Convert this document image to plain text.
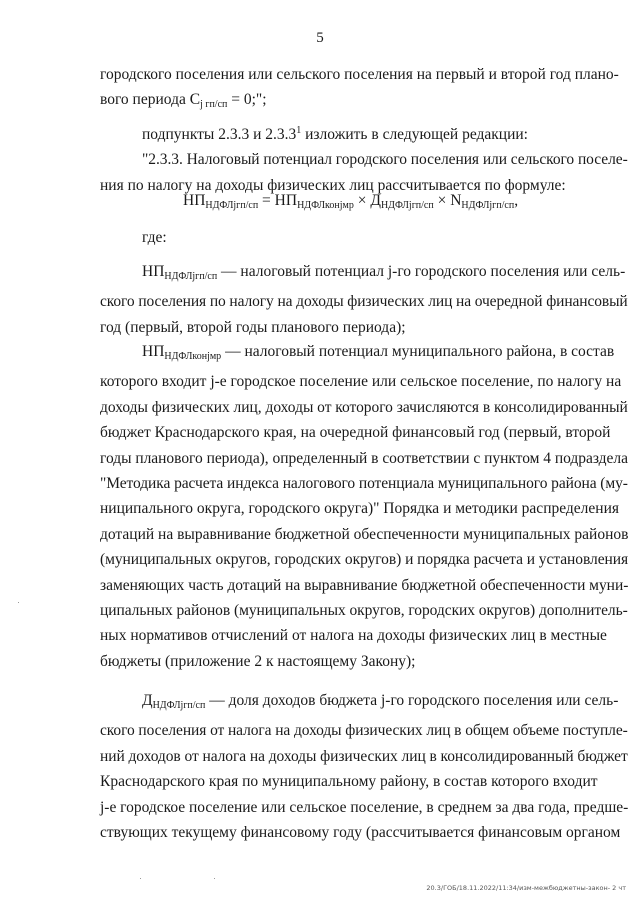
5
городского поселения или сельского поселения на первый и второй год плано-
вого периода $С_{j гп/сп} = 0$;";
подпункты 2.3.3 и 2.3.3$^1$ изложить в следующей редакции:
"2.3.3. Налоговый потенциал городского поселения или сельского поселе-
ния по налогу на доходы физических лиц рассчитывается по формуле:
$НП_{НДФЛjгп/сп} = НП_{НДФЛконjмр} \times Д_{НДФЛjгп/сп} \times N_{НДФЛjгп/сп}$,
где:
$НП_{НДФЛjгп/сп}$ — налоговый потенциал j-го городского поселения или сель-
ского поселения по налогу на доходы физических лиц на очередной финансовый
год (первый, второй годы планового периода);
$НП_{НДФЛконjмр}$ — налоговый потенциал муниципального района, в состав
которого входит j-е городское поселение или сельское поселение, по налогу на
доходы физических лиц, доходы от которого зачисляются в консолидированный
бюджет Краснодарского края, на очередной финансовый год (первый, второй
годы планового периода), определенный в соответствии с пунктом 4 подраздела
"Методика расчета индекса налогового потенциала муниципального района (му-
ниципального округа, городского округа)" Порядка и методики распределения
дотаций на выравнивание бюджетной обеспеченности муниципальных районов
(муниципальных округов, городских округов) и порядка расчета и установления
заменяющих часть дотаций на выравнивание бюджетной обеспеченности муни-
ципальных районов (муниципальных округов, городских округов) дополнитель-
ных нормативов отчислений от налога на доходы физических лиц в местные
бюджеты (приложение 2 к настоящему Закону);
$Д_{НДФЛjгп/сп}$ — доля доходов бюджета j-го городского поселения или сель-
ского поселения от налога на доходы физических лиц в общем объеме поступле-
ний доходов от налога на доходы физических лиц в консолидированный бюджет
Краснодарского края по муниципальному району, в состав которого входит
j-е городское поселение или сельское поселение, в среднем за два года, предше-
ствующих текущему финансовому году (рассчитывается финансовым органом
20.3/ГОБ/18.11.2022/11:34/изм-межбюджетны-закон- 2 чт
